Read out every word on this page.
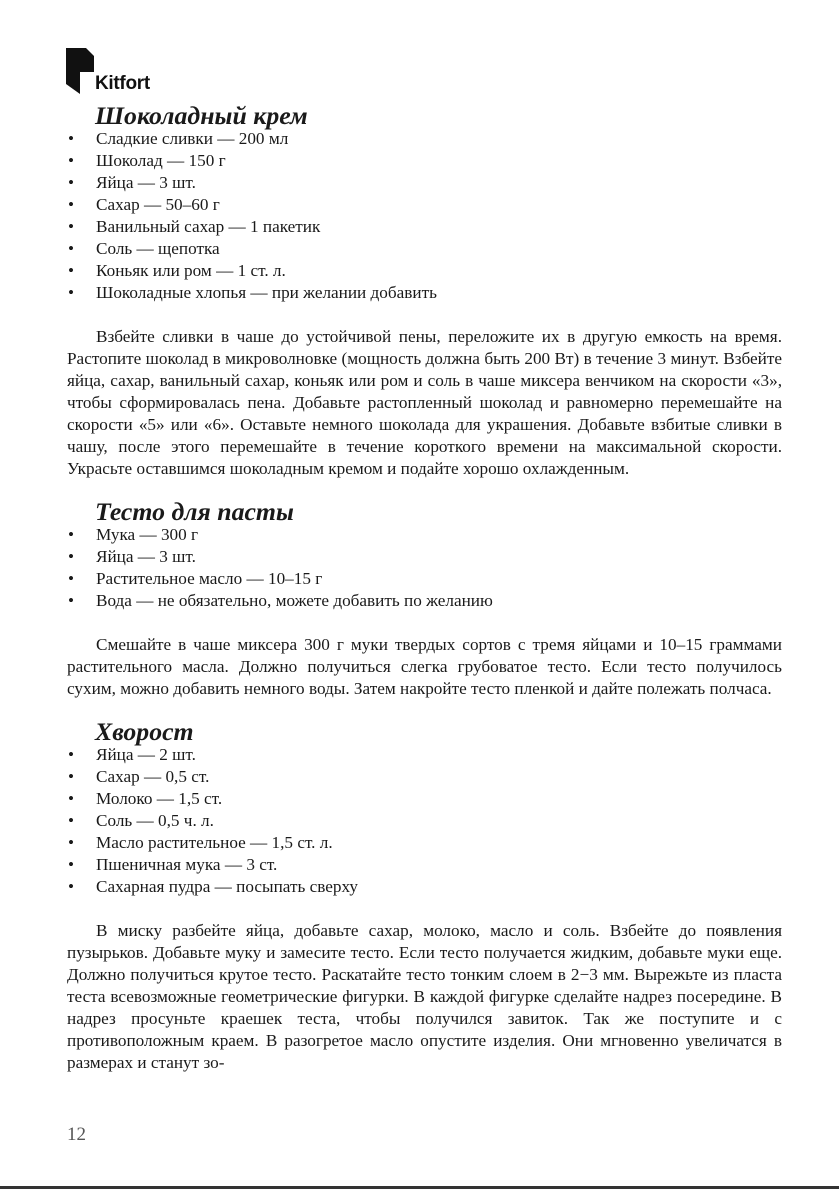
Kitfort
Шоколадный крем
• Сладкие сливки — 200 мл
• Шоколад — 150 г
• Яйца — 3 шт.
• Сахар — 50–60 г
• Ванильный сахар — 1 пакетик
• Соль — щепотка
• Коньяк или ром — 1 ст. л.
• Шоколадные хлопья — при желании добавить

Взбейте сливки в чаше до устойчивой пены, переложите их в другую емкость на время. Растопите шоколад в микроволновке (мощность должна быть 200 Вт) в течение 3 минут. Взбейте яйца, сахар, ванильный сахар, коньяк или ром и соль в чаше миксера венчиком на скорости «3», чтобы сформировалась пена. Добавьте растопленный шоколад и равномерно перемешайте на скорости «5» или «6». Оставьте немного шоколада для украшения. Добавьте взбитые сливки в чашу, после этого перемешайте в течение короткого времени на максимальной скорости. Украсьте оставшимся шоколадным кремом и подайте хорошо охлажденным.

Тесто для пасты
• Мука — 300 г
• Яйца — 3 шт.
• Растительное масло — 10–15 г
• Вода — не обязательно, можете добавить по желанию

Смешайте в чаше миксера 300 г муки твердых сортов с тремя яйцами и 10–15 граммами растительного масла. Должно получиться слегка грубоватое тесто. Если тесто получилось сухим, можно добавить немного воды. Затем накройте тесто пленкой и дайте полежать полчаса.

Хворост
• Яйца — 2 шт.
• Сахар — 0,5 ст.
• Молоко — 1,5 ст.
• Соль — 0,5 ч. л.
• Масло растительное — 1,5 ст. л.
• Пшеничная мука — 3 ст.
• Сахарная пудра — посыпать сверху

В миску разбейте яйца, добавьте сахар, молоко, масло и соль. Взбейте до появления пузырьков. Добавьте муку и замесите тесто. Если тесто получается жидким, добавьте муки еще. Должно получиться крутое тесто. Раскатайте тесто тонким слоем в 2−3 мм. Вырежьте из пласта теста всевозможные геометрические фигурки. В каждой фигурке сделайте надрез посередине. В надрез просуньте краешек теста, чтобы получился завиток. Так же поступите и с противоположным краем. В разогретое масло опустите изделия. Они мгновенно увеличатся в размерах и станут зо-

12
